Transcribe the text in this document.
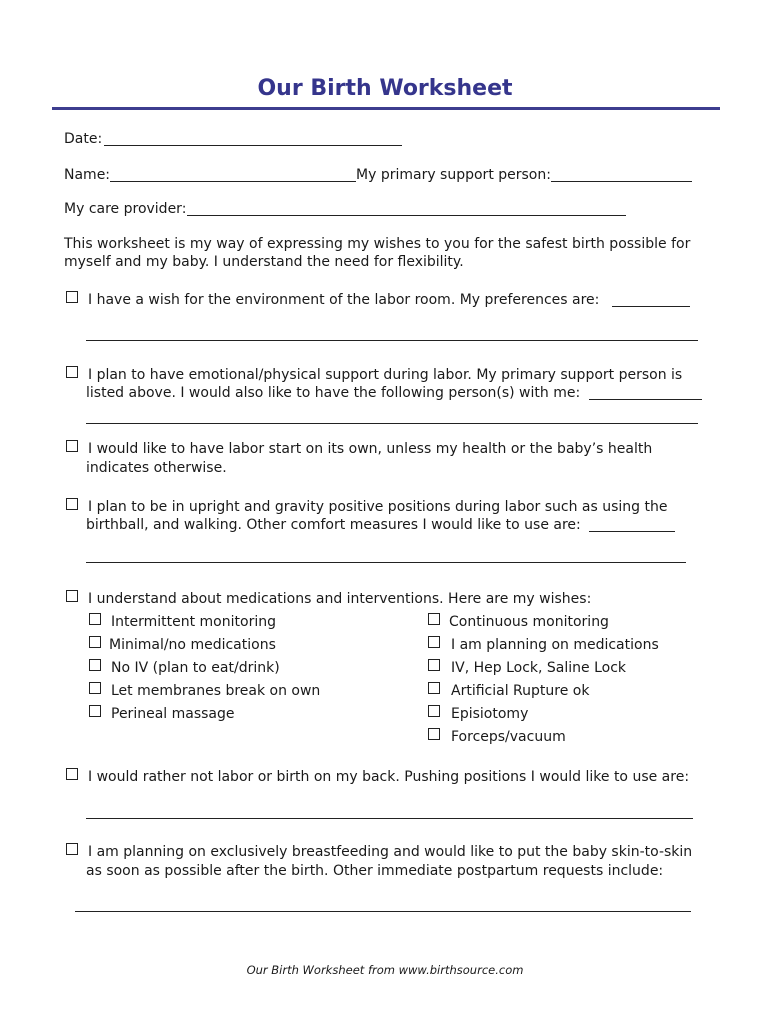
Our Birth Worksheet
Date:
Name:	My primary support person:
My care provider:
This worksheet is my way of expressing my wishes to you for the safest birth possible for
myself and my baby. I understand the need for flexibility.
I have a wish for the environment of the labor room. My preferences are:
I plan to have emotional/physical support during labor. My primary support person is
listed above. I would also like to have the following person(s) with me:
I would like to have labor start on its own, unless my health or the baby’s health
indicates otherwise.
I plan to be in upright and gravity positive positions during labor such as using the
birthball, and walking. Other comfort measures I would like to use are:
I understand about medications and interventions. Here are my wishes:
Intermittent monitoring
Minimal/no medications
No IV (plan to eat/drink)
Let membranes break on own
Perineal massage
Continuous monitoring
I am planning on medications
IV, Hep Lock, Saline Lock
Artificial Rupture ok
Episiotomy
Forceps/vacuum
I would rather not labor or birth on my back. Pushing positions I would like to use are:
I am planning on exclusively breastfeeding and would like to put the baby skin-to-skin
as soon as possible after the birth. Other immediate postpartum requests include:
Our Birth Worksheet from www.birthsource.com
